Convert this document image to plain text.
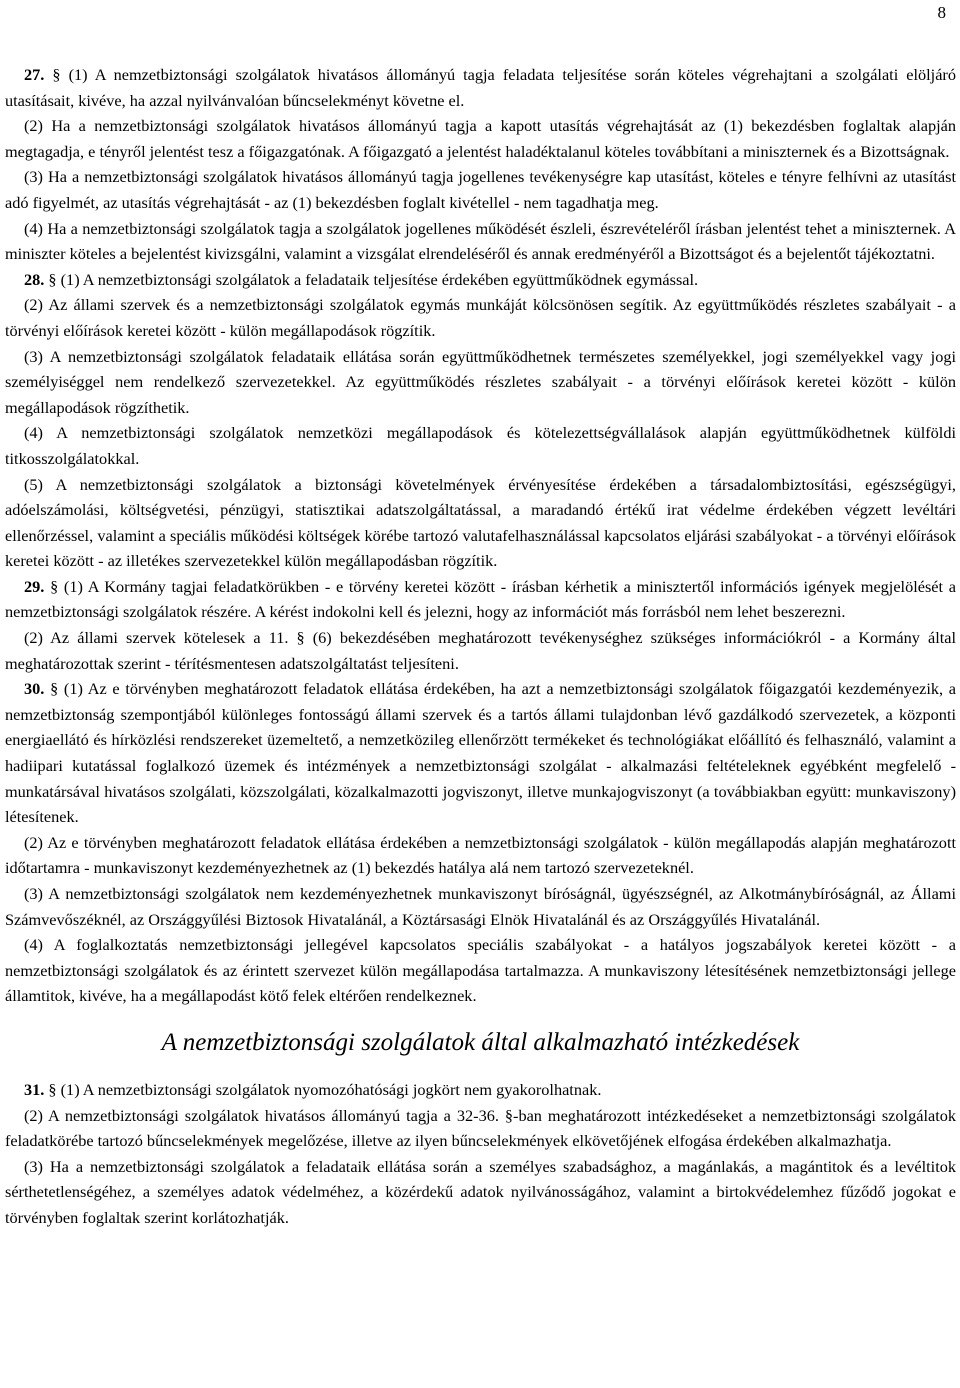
8

27. § (1) A nemzetbiztonsági szolgálatok hivatásos állományú tagja feladata teljesítése során köteles végrehajtani a szolgálati elöljáró utasításait, kivéve, ha azzal nyilvánvalóan bűncselekményt követne el.

(2) Ha a nemzetbiztonsági szolgálatok hivatásos állományú tagja a kapott utasítás végrehajtását az (1) bekezdésben foglaltak alapján megtagadja, e tényről jelentést tesz a főigazgatónak. A főigazgató a jelentést haladéktalanul köteles továbbítani a miniszternek és a Bizottságnak.

(3) Ha a nemzetbiztonsági szolgálatok hivatásos állományú tagja jogellenes tevékenységre kap utasítást, köteles e tényre felhívni az utasítást adó figyelmét, az utasítás végrehajtását - az (1) bekezdésben foglalt kivétellel - nem tagadhatja meg.

(4) Ha a nemzetbiztonsági szolgálatok tagja a szolgálatok jogellenes működését észleli, észrevételéről írásban jelentést tehet a miniszternek. A miniszter köteles a bejelentést kivizsgálni, valamint a vizsgálat elrendeléséről és annak eredményéről a Bizottságot és a bejelentőt tájékoztatni.

28. § (1) A nemzetbiztonsági szolgálatok a feladataik teljesítése érdekében együttműködnek egymással.

(2) Az állami szervek és a nemzetbiztonsági szolgálatok egymás munkáját kölcsönösen segítik. Az együttműködés részletes szabályait - a törvényi előírások keretei között - külön megállapodások rögzítik.

(3) A nemzetbiztonsági szolgálatok feladataik ellátása során együttműködhetnek természetes személyekkel, jogi személyekkel vagy jogi személyiséggel nem rendelkező szervezetekkel. Az együttműködés részletes szabályait - a törvényi előírások keretei között - külön megállapodások rögzíthetik.

(4) A nemzetbiztonsági szolgálatok nemzetközi megállapodások és kötelezettségvállalások alapján együttműködhetnek külföldi titkosszolgálatokkal.

(5) A nemzetbiztonsági szolgálatok a biztonsági követelmények érvényesítése érdekében a társadalombiztosítási, egészségügyi, adóelszámolási, költségvetési, pénzügyi, statisztikai adatszolgáltatással, a maradandó értékű irat védelme érdekében végzett levéltári ellenőrzéssel, valamint a speciális működési költségek körébe tartozó valutafelhasználással kapcsolatos eljárási szabályokat - a törvényi előírások keretei között - az illetékes szervezetekkel külön megállapodásban rögzítik.

29. § (1) A Kormány tagjai feladatkörükben - e törvény keretei között - írásban kérhetik a minisztertől információs igények megjelölését a nemzetbiztonsági szolgálatok részére. A kérést indokolni kell és jelezni, hogy az információt más forrásból nem lehet beszerezni.

(2) Az állami szervek kötelesek a 11. § (6) bekezdésében meghatározott tevékenységhez szükséges információkról - a Kormány által meghatározottak szerint - térítésmentesen adatszolgáltatást teljesíteni.

30. § (1) Az e törvényben meghatározott feladatok ellátása érdekében, ha azt a nemzetbiztonsági szolgálatok főigazgatói kezdeményezik, a nemzetbiztonság szempontjából különleges fontosságú állami szervek és a tartós állami tulajdonban lévő gazdálkodó szervezetek, a központi energiaellátó és hírközlési rendszereket üzemeltető, a nemzetközileg ellenőrzött termékeket és technológiákat előállító és felhasználó, valamint a hadiipari kutatással foglalkozó üzemek és intézmények a nemzetbiztonsági szolgálat - alkalmazási feltételeknek egyébként megfelelő - munkatársával hivatásos szolgálati, közszolgálati, közalkalmazotti jogviszonyt, illetve munkajogviszonyt (a továbbiakban együtt: munkaviszony) létesítenek.

(2) Az e törvényben meghatározott feladatok ellátása érdekében a nemzetbiztonsági szolgálatok - külön megállapodás alapján meghatározott időtartamra - munkaviszonyt kezdeményezhetnek az (1) bekezdés hatálya alá nem tartozó szervezeteknél.

(3) A nemzetbiztonsági szolgálatok nem kezdeményezhetnek munkaviszonyt bíróságnál, ügyészségnél, az Alkotmánybíróságnál, az Állami Számvevőszéknél, az Országgyűlési Biztosok Hivatalánál, a Köztársasági Elnök Hivatalánál és az Országgyűlés Hivatalánál.

(4) A foglalkoztatás nemzetbiztonsági jellegével kapcsolatos speciális szabályokat - a hatályos jogszabályok keretei között - a nemzetbiztonsági szolgálatok és az érintett szervezet külön megállapodása tartalmazza. A munkaviszony létesítésének nemzetbiztonsági jellege államtitok, kivéve, ha a megállapodást kötő felek eltérően rendelkeznek.

A nemzetbiztonsági szolgálatok által alkalmazható intézkedések

31. § (1) A nemzetbiztonsági szolgálatok nyomozóhatósági jogkört nem gyakorolhatnak.

(2) A nemzetbiztonsági szolgálatok hivatásos állományú tagja a 32-36. §-ban meghatározott intézkedéseket a nemzetbiztonsági szolgálatok feladatkörébe tartozó bűncselekmények megelőzése, illetve az ilyen bűncselekmények elkövetőjének elfogása érdekében alkalmazhatja.

(3) Ha a nemzetbiztonsági szolgálatok a feladataik ellátása során a személyes szabadsághoz, a magánlakás, a magántitok és a levéltitok sérthetetlenségéhez, a személyes adatok védelméhez, a közérdekű adatok nyilvánosságához, valamint a birtokvédelemhez fűződő jogokat e törvényben foglaltak szerint korlátozhatják.
